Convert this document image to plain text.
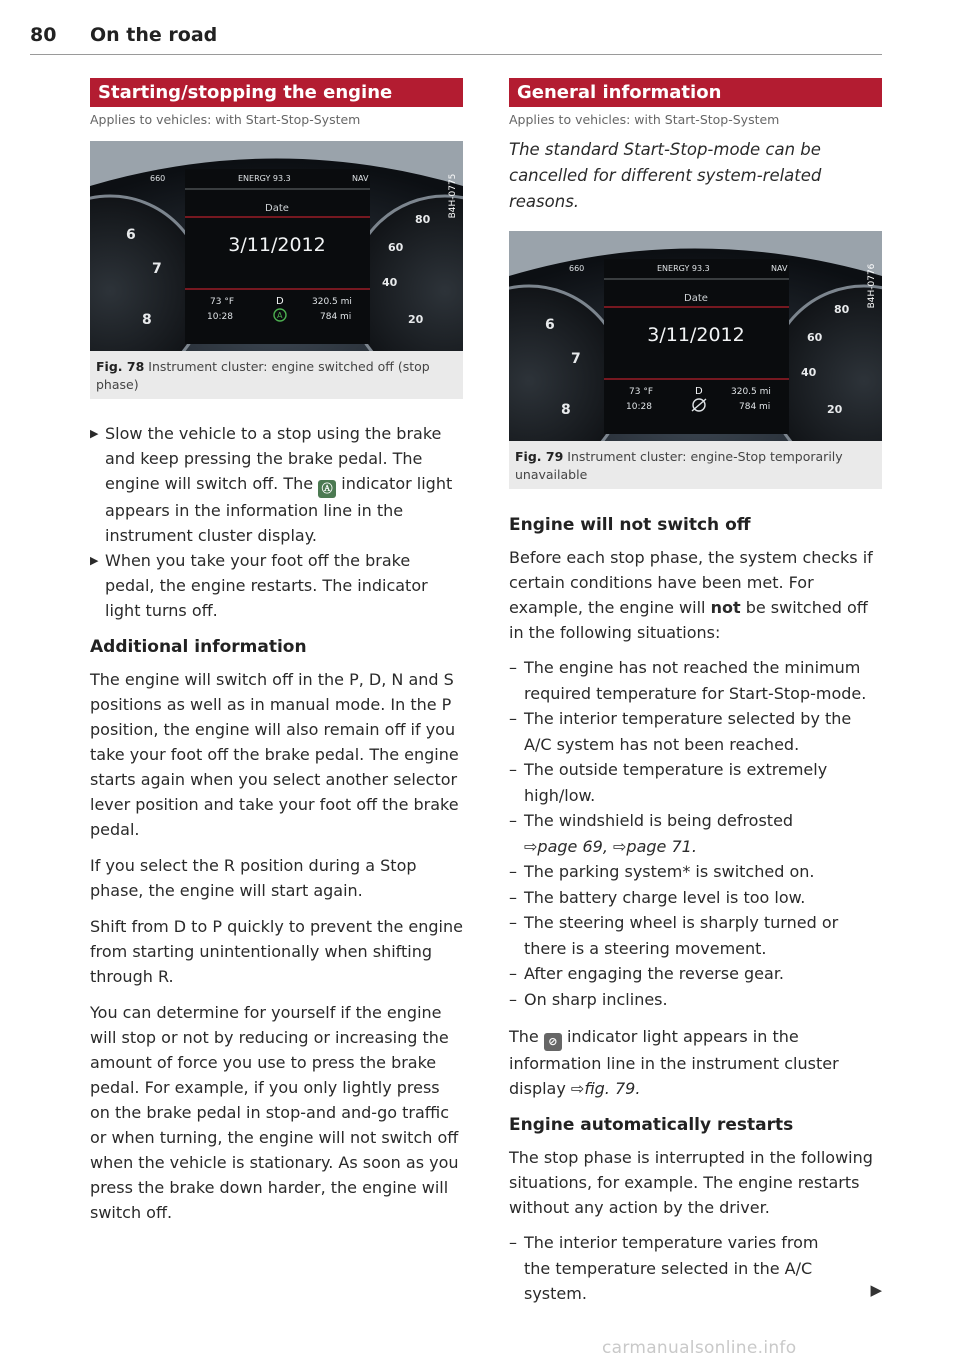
80 On the road
Starting/stopping the engine
Applies to vehicles: with Start-Stop-System
660	ENERGY 93.3	NAV
Date
3/11/2012
73 °F
10:28
D
A
320.5 mi
784 mi
6
7
8
80
60
40
20
B4H-0775
Fig. 78 Instrument cluster: engine switched off (stop phase)
▶ Slow the vehicle to a stop using the brake and keep pressing the brake pedal. The engine will switch off. The Ⓐ indicator light appears in the information line in the instrument cluster display.
▶ When you take your foot off the brake pedal, the engine restarts. The indicator light turns off.
Additional information

The engine will switch off in the P, D, N and S positions as well as in manual mode. In the P position, the engine will also remain off if you take your foot off the brake pedal. The engine starts again when you select another selector lever position and take your foot off the brake pedal.

If you select the R position during a Stop phase, the engine will start again.

Shift from D to P quickly to prevent the engine from starting unintentionally when shifting through R.

You can determine for yourself if the engine will stop or not by reducing or increasing the amount of force you use to press the brake pedal. For example, if you only lightly press on the brake pedal in stop-and and-go traffic or when turning, the engine will not switch off when the vehicle is stationary. As soon as you press the brake down harder, the engine will switch off.

General information
Applies to vehicles: with Start-Stop-System
The standard Start-Stop-mode can be cancelled for different system-related reasons.
660	ENERGY 93.3	NAV
Date
3/11/2012
73 °F
10:28
D	320.5 mi
784 mi
6
7
8
80
60
40
20
B4H-0776
Fig. 79 Instrument cluster: engine-Stop temporarily unavailable
Engine will not switch off

Before each stop phase, the system checks if certain conditions have been met. For example, the engine will not be switched off in the following situations:

– The engine has not reached the minimum required temperature for Start-Stop-mode.
– The interior temperature selected by the A/C system has not been reached.
– The outside temperature is extremely high/low.
– The windshield is being defrosted
⇨page 69, ⇨page 71.
– The parking system* is switched on.
– The battery charge level is too low.
– The steering wheel is sharply turned or there is a steering movement.
– After engaging the reverse gear.
– On sharp inclines.

The ⊘ indicator light appears in the information line in the instrument cluster display ⇨fig. 79.

Engine automatically restarts

The stop phase is interrupted in the following situations, for example. The engine restarts without any action by the driver.

– The interior temperature varies from the temperature selected in the A/C system.	▶
carmanualsonline.info
